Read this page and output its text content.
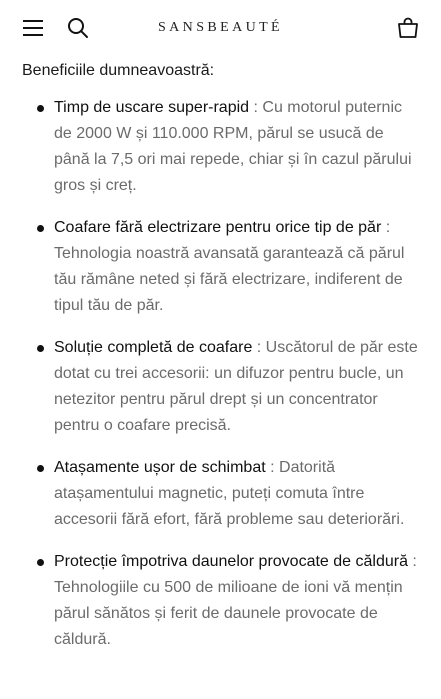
SANSBEAUTÉ

Beneficiile dumneavoastră:

Timp de uscare super-rapid : Cu motorul puternic de 2000 W și 110.000 RPM, părul se usucă de până la 7,5 ori mai repede, chiar și în cazul părului gros și creț.
Coafare fără electrizare pentru orice tip de păr : Tehnologia noastră avansată garantează că părul tău rămâne neted și fără electrizare, indiferent de tipul tău de păr.
Soluție completă de coafare : Uscătorul de păr este dotat cu trei accesorii: un difuzor pentru bucle, un netezitor pentru părul drept și un concentrator pentru o coafare precisă.
Atașamente ușor de schimbat : Datorită atașamentului magnetic, puteți comuta între accesorii fără efort, fără probleme sau deteriorări.
Protecție împotriva daunelor provocate de căldură : Tehnologiile cu 500 de milioane de ioni vă mențin părul sănătos și ferit de daunele provocate de căldură.
